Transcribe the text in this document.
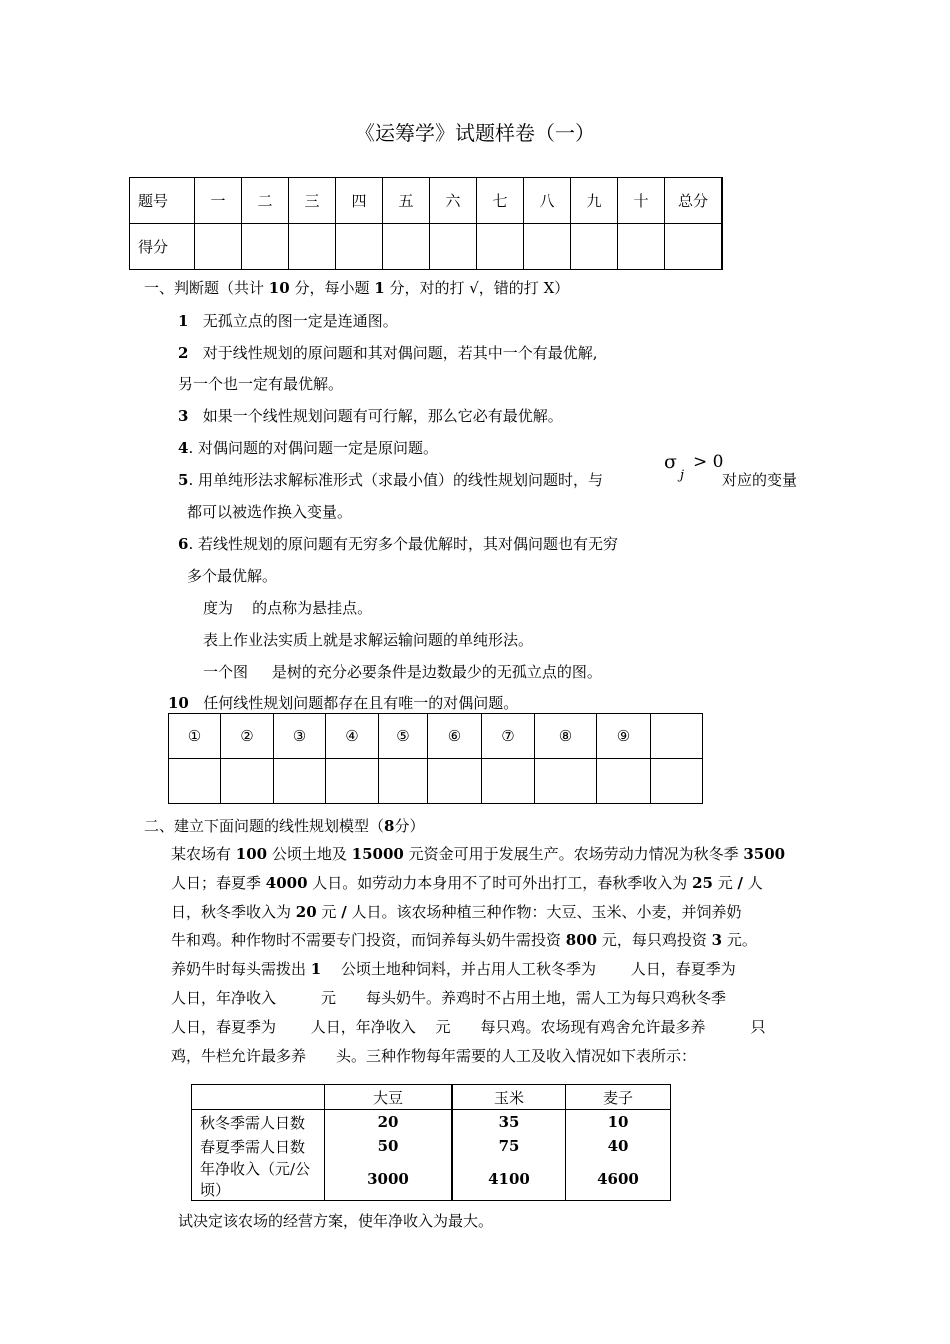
《运筹学》试题样卷（一）
题号	一	二	三	四	五	六	七	八	九	十	总分
得分											
一、判断题（共计 10 分，每小题 1 分，对的打 √，错的打 X）
1 无孤立点的图一定是连通图。
2 对于线性规划的原问题和其对偶问题，若其中一个有最优解,
另一个也一定有最优解。
3 如果一个线性规划问题有可行解，那么它必有最优解。
4. 对偶问题的对偶问题一定是原问题。
5. 用单纯形法求解标准形式（求最小值）的线性规划问题时，与
σ
j
> 0
对应的变量
都可以被选作换入变量。
6. 若线性规划的原问题有无穷多个最优解时，其对偶问题也有无穷
多个最优解。
度为 的点称为悬挂点。
表上作业法实质上就是求解运输问题的单纯形法。
一个图 是树的充分必要条件是边数最少的无孤立点的图。
10 任何线性规划问题都存在且有唯一的对偶问题。
①	②	③	④	⑤	⑥	⑦	⑧	⑨	

二、建立下面问题的线性规划模型（8分）
某农场有 100 公顷土地及 15000 元资金可用于发展生产。农场劳动力情况为秋冬季 3500
人日；春夏季 4000 人日。如劳动力本身用不了时可外出打工，春秋季收入为 25 元 / 人
日，秋冬季收入为 20 元 / 人日。该农场种植三种作物：大豆、玉米、小麦，并饲养奶
牛和鸡。种作物时不需要专门投资，而饲养每头奶牛需投资 800 元，每只鸡投资 3 元。
养奶牛时每头需拨出 1　 公顷土地种饲料，并占用人工秋冬季为　　 人日，春夏季为
人日，年净收入　　　元　　每头奶牛。养鸡时不占用土地，需人工为每只鸡秋冬季
人日，春夏季为　　 人日，年净收入　 元　　每只鸡。农场现有鸡舍允许最多养　　　只
鸡，牛栏允许最多养　　头。三种作物每年需要的人工及收入情况如下表所示：
	大豆	玉米	麦子
秋冬季需人日数	20	35	10
春夏季需人日数	50	75	40
年净收入（元/公顷）	3000	4100	4600
试决定该农场的经营方案，使年净收入为最大。
